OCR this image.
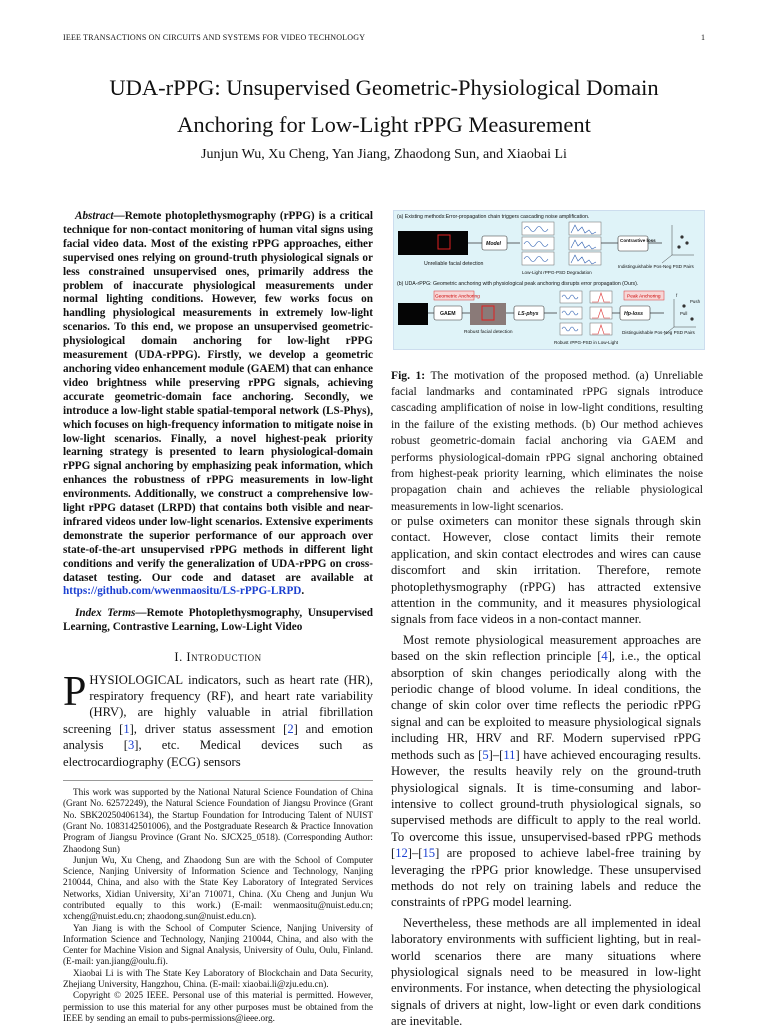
IEEE TRANSACTIONS ON CIRCUITS AND SYSTEMS FOR VIDEO TECHNOLOGY	1
UDA-rPPG: Unsupervised Geometric-Physiological Domain
Anchoring for Low-Light rPPG Measurement
Junjun Wu, Xu Cheng, Yan Jiang, Zhaodong Sun, and Xiaobai Li

Abstract—Remote photoplethysmography (rPPG) is a critical technique for non-contact monitoring of human vital signs using facial video data. Most of the existing rPPG approaches, either supervised ones relying on ground-truth physiological signals or less constrained unsupervised ones, primarily address the problem of inaccurate physiological measurements under normal lighting conditions. However, few works focus on handling physiological measurements in extremely low-light scenarios. To this end, we propose an unsupervised geometric-physiological domain anchoring for low-light rPPG measurement (UDA-rPPG). Firstly, we develop a geometric anchoring video enhancement module (GAEM) that can enhance video brightness while preserving rPPG signals, achieving accurate geometric-domain face anchoring. Secondly, we introduce a low-light stable spatial-temporal network (LS-Phys), which focuses on high-frequency information to mitigate noise in low-light scenarios. Finally, a novel highest-peak priority learning strategy is presented to learn physiological-domain rPPG signal anchoring by emphasizing peak information, which enhances the robustness of rPPG measurements in low-light environments. Additionally, we construct a comprehensive low-light rPPG dataset (LRPD) that contains both visible and near-infrared videos under low-light scenarios. Extensive experiments demonstrate the superior performance of our approach over state-of-the-art unsupervised rPPG methods in different light conditions and verify the generalization of UDA-rPPG on cross-dataset testing. Our code and dataset are available at https://github.com/wwenmaositu/LS-rPPG-LRPD.

Index Terms—Remote Photoplethysmography, Unsupervised Learning, Contrastive Learning, Low-Light Video

I. Introduction

PHYSIOLOGICAL indicators, such as heart rate (HR), respiratory frequency (RF), and heart rate variability (HRV), are highly valuable in atrial fibrillation screening [1], driver status assessment [2] and emotion analysis [3], etc. Medical devices such as electrocardiography (ECG) sensors

This work was supported by the National Natural Science Foundation of China (Grant No. 62572249), the Natural Science Foundation of Jiangsu Province (Grant No. SBK20250406134), the Startup Foundation for Introducing Talent of NUIST (Grant No. 1083142501006), and the Postgraduate Research & Practice Innovation Program of Jiangsu Province (Grant No. SJCX25_0518). (Corresponding Author: Zhaodong Sun)

Junjun Wu, Xu Cheng, and Zhaodong Sun are with the School of Computer Science, Nanjing University of Information Science and Technology, Nanjing 210044, China, and also with the State Key Laboratory of Integrated Services Networks, Xidian University, Xi’an 710071, China. (Xu Cheng and Junjun Wu contributed equally to this work.) (E-mail: wenmaositu@nuist.edu.cn; xcheng@nuist.edu.cn; zhaodong.sun@nuist.edu.cn).

Yan Jiang is with the School of Computer Science, Nanjing University of Information Science and Technology, Nanjing 210044, China, and also with the Center for Machine Vision and Signal Analysis, University of Oulu, Oulu, Finland. (E-mail: yan.jiang@oulu.fi).

Xiaobai Li is with The State Key Laboratory of Blockchain and Data Security, Zhejiang University, Hangzhou, China. (E-mail: xiaobai.li@zju.edu.cn).

Copyright © 2025 IEEE. Personal use of this material is permitted. However, permission to use this material for any other purposes must be obtained from the IEEE by sending an email to pubs-permissions@ieee.org.

(a) Existing methods:Error-propagation chain triggers cascading noise amplification.
Unreliable facial detection
Model
Low-Light rPPG-PSD Degradation
Contrastive loss
Indistinguishable Pos-Neg PSD Pairs
(b) UDA-rPPG: Geometric anchoring with physiological peak anchoring disrupts error propagation (Ours).
Geometric Anchoring	Peak Anchoring
GAEM
Robust facial detection
LS-phys
Robust rPPG-PSD in Low-Light
Hp-loss
Push
Pull
f
Distinguishable Pos-Neg PSD Pairs

Fig. 1: The motivation of the proposed method. (a) Unreliable facial landmarks and contaminated rPPG signals introduce cascading amplification of noise in low-light conditions, resulting in the failure of the existing methods. (b) Our method achieves robust geometric-domain facial anchoring via GAEM and performs physiological-domain rPPG signal anchoring obtained from highest-peak priority learning, which eliminates the noise propagation chain and achieves the reliable physiological measurements in low-light scenarios.

or pulse oximeters can monitor these signals through skin contact. However, close contact limits their remote application, and skin contact electrodes and wires can cause discomfort and skin irritation. Therefore, remote photoplethysmography (rPPG) has attracted extensive attention in the community, and it measures physiological signals from face videos in a non-contact manner.

Most remote physiological measurement approaches are based on the skin reflection principle [4], i.e., the optical absorption of skin changes periodically along with the periodic change of blood volume. In ideal conditions, the change of skin color over time reflects the periodic rPPG signal and can be exploited to measure physiological signals including HR, HRV and RF. Modern supervised rPPG methods such as [5]–[11] have achieved encouraging results. However, the results heavily rely on the ground-truth physiological signals. It is time-consuming and labor-intensive to collect ground-truth physiological signals, so supervised methods are difficult to apply to the real world. To overcome this issue, unsupervised-based rPPG methods [12]–[15] are proposed to achieve label-free training by leveraging the rPPG prior knowledge. These unsupervised methods do not rely on training labels and reduce the constraints of rPPG model learning.

Nevertheless, these methods are all implemented in ideal laboratory environments with sufficient lighting, but in real-world scenarios there are many situations where physiological signals need to be measured in low-light environments. For instance, when detecting the physiological signals of drivers at night, low-light or even dark conditions are inevitable.
